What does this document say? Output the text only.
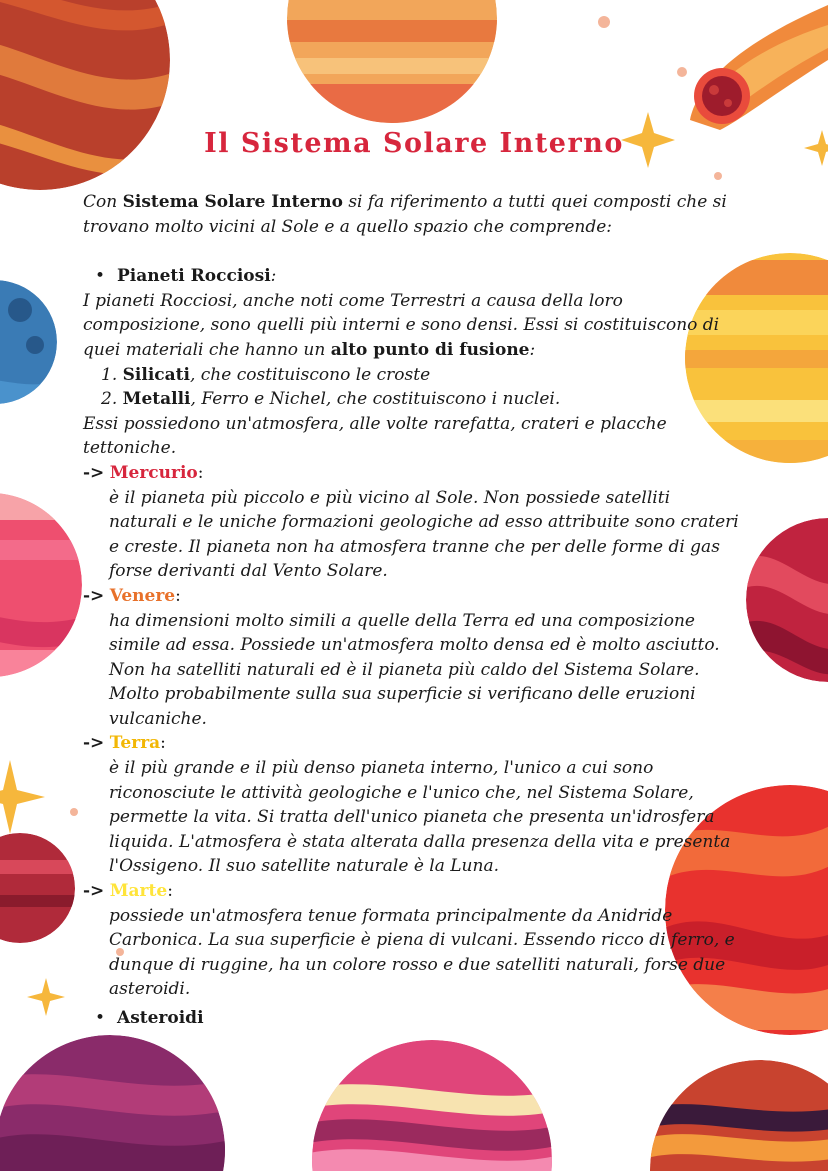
Il Sistema Solare Interno

Con Sistema Solare Interno si fa riferimento a tutti quei composti che si trovano molto vicini al Sole e a quello spazio che comprende:

• Pianeti Rocciosi:

I pianeti Rocciosi, anche noti come Terrestri a causa della loro composizione, sono quelli più interni e sono densi. Essi si costituiscono di quei materiali che hanno un alto punto di fusione:

1. Silicati, che costituiscono le croste

2. Metalli, Ferro e Nichel, che costituiscono i nuclei.

Essi possiedono un'atmosfera, alle volte rarefatta, crateri e placche tettoniche.

-> Mercurio:

è il pianeta più piccolo e più vicino al Sole. Non possiede satelliti naturali e le uniche formazioni geologiche ad esso attribuite sono crateri e creste. Il pianeta non ha atmosfera tranne che per delle forme di gas forse derivanti dal Vento Solare.

-> Venere:

ha dimensioni molto simili a quelle della Terra ed una composizione simile ad essa. Possiede un'atmosfera molto densa ed è molto asciutto. Non ha satelliti naturali ed è il pianeta più caldo del Sistema Solare. Molto probabilmente sulla sua superficie si verificano delle eruzioni vulcaniche.

-> Terra:

è il più grande e il più denso pianeta interno, l'unico a cui sono riconosciute le attività geologiche e l'unico che, nel Sistema Solare, permette la vita. Si tratta dell'unico pianeta che presenta un'idrosfera liquida. L'atmosfera è stata alterata dalla presenza della vita e presenta l'Ossigeno. Il suo satellite naturale è la Luna.

-> Marte:

possiede un'atmosfera tenue formata principalmente da Anidride Carbonica. La sua superficie è piena di vulcani. Essendo ricco di ferro, e dunque di ruggine, ha un colore rosso e due satelliti naturali, forse due asteroidi.

• Asteroidi
